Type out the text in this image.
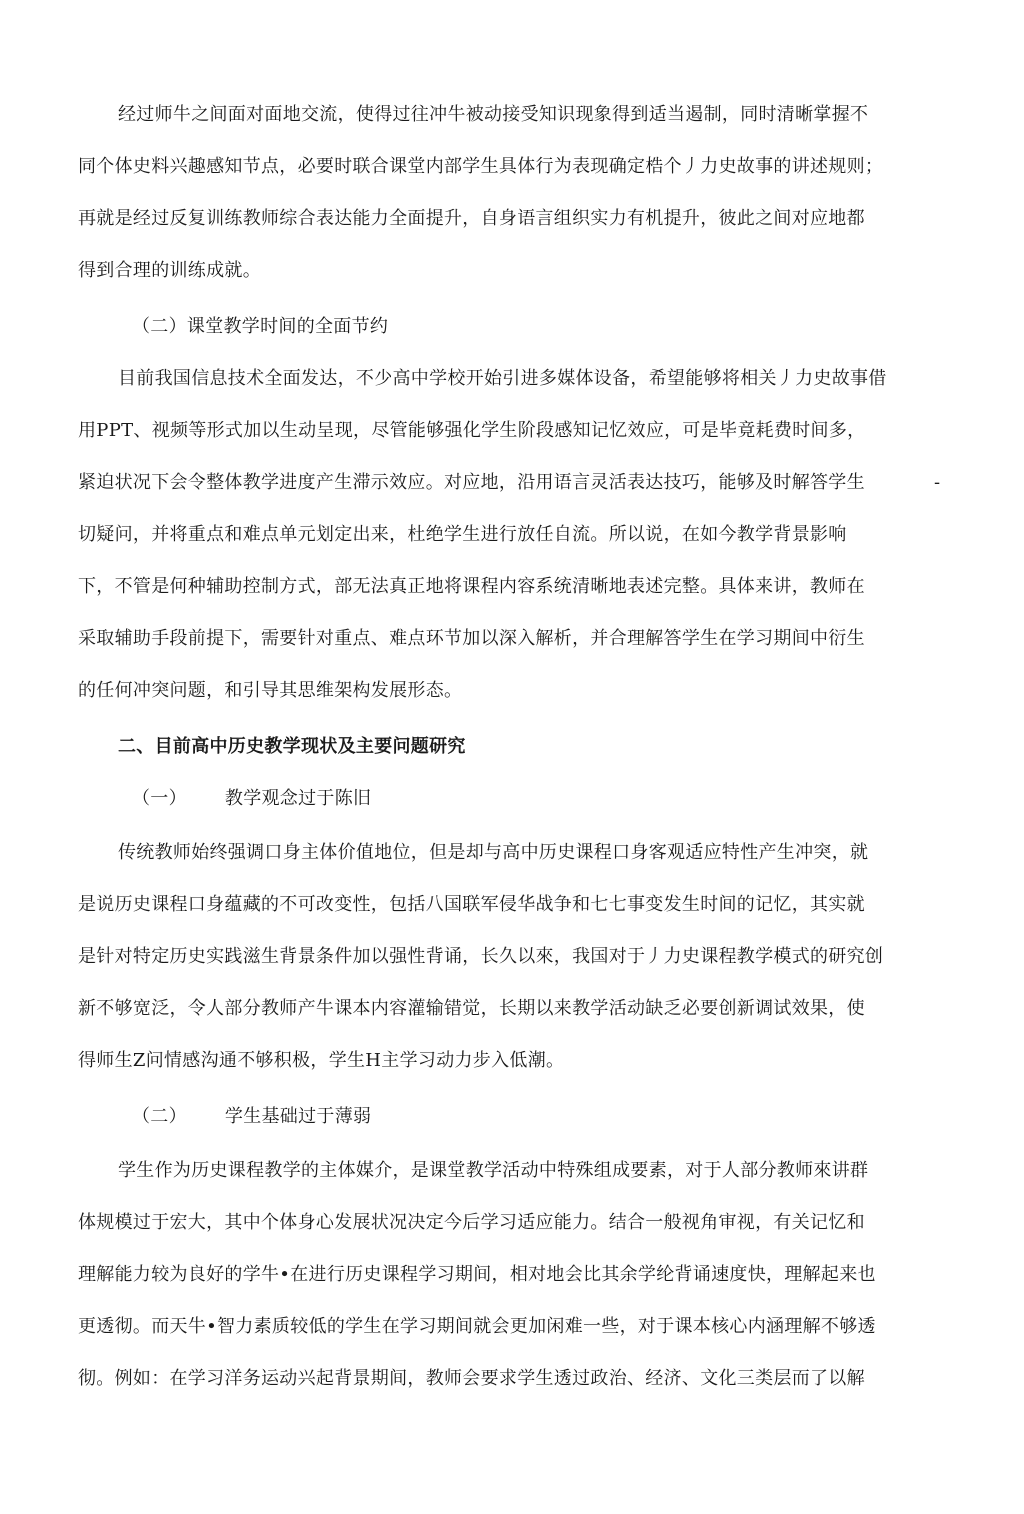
经过师牛之间面对面地交流，使得过往冲牛被动接受知识现象得到适当遏制，同时清晰掌握不
同个体史料兴趣感知节点，必要时联合课堂内部学生具体行为表现确定梏个丿力史故事的讲述规则；
再就是经过反复训练教师综合表达能力全面提升，自身语言组织实力有机提升，彼此之间对应地都
得到合理的训练成就。
（二）课堂教学时间的全面节约
目前我国信息技术全面发达，不少高中学校开始引进多媒体设备，希望能够将相关丿力史故事借
用PPT、视频等形式加以生动呈现，尽管能够强化学生阶段感知记忆效应，可是毕竟耗费时间多，
紧迫状况下会令整体教学进度产生滞示效应。对应地，沿用语言灵活表达技巧，能够及时解答学生	-
切疑问，并将重点和难点单元划定出来，杜绝学生进行放任自流。所以说，在如今教学背景影响
下，不管是何种辅助控制方式，部无法真正地将课程内容系统清晰地表述完整。具体来讲，教师在
采取辅助手段前提下，需要针对重点、难点环节加以深入解析，并合理解答学生在学习期间中衍生
的任何冲突问题，和引导其思维架构发展形态。
二、目前高中历史教学现状及主要问题研究
（一） 教学观念过于陈旧
传统教师始终强调口身主体价值地位，但是却与高中历史课程口身客观适应特性产生冲突，就
是说历史课程口身蕴藏的不可改变性，包括八国联军侵华战争和七七事变发生时间的记忆，其实就
是针对特定历史实践滋生背景条件加以强性背诵，长久以來，我国对于丿力史课程教学模式的研究创
新不够宽泛，令人部分教师产牛课本内容灌输错觉，长期以来教学活动缺乏必要创新调试效果，使
得师生Z问情感沟通不够积极，学生H主学习动力步入低潮。
（二） 学生基础过于薄弱
学生作为历史课程教学的主体媒介，是课堂教学活动中特殊组成要素，对于人部分教师來讲群
体规模过于宏大，其中个体身心发展状况决定今后学习适应能力。结合一般视角审视，有关记忆和
理解能力较为良好的学牛•在进行历史课程学习期间，相对地会比其余学纶背诵速度快，理解起来也
更透彻。而天牛•智力素质较低的学生在学习期间就会更加闲难一些，对于课本核心内涵理解不够透
彻。例如：在学习洋务运动兴起背景期间，教师会要求学生透过政治、经济、文化三类层而了以解
